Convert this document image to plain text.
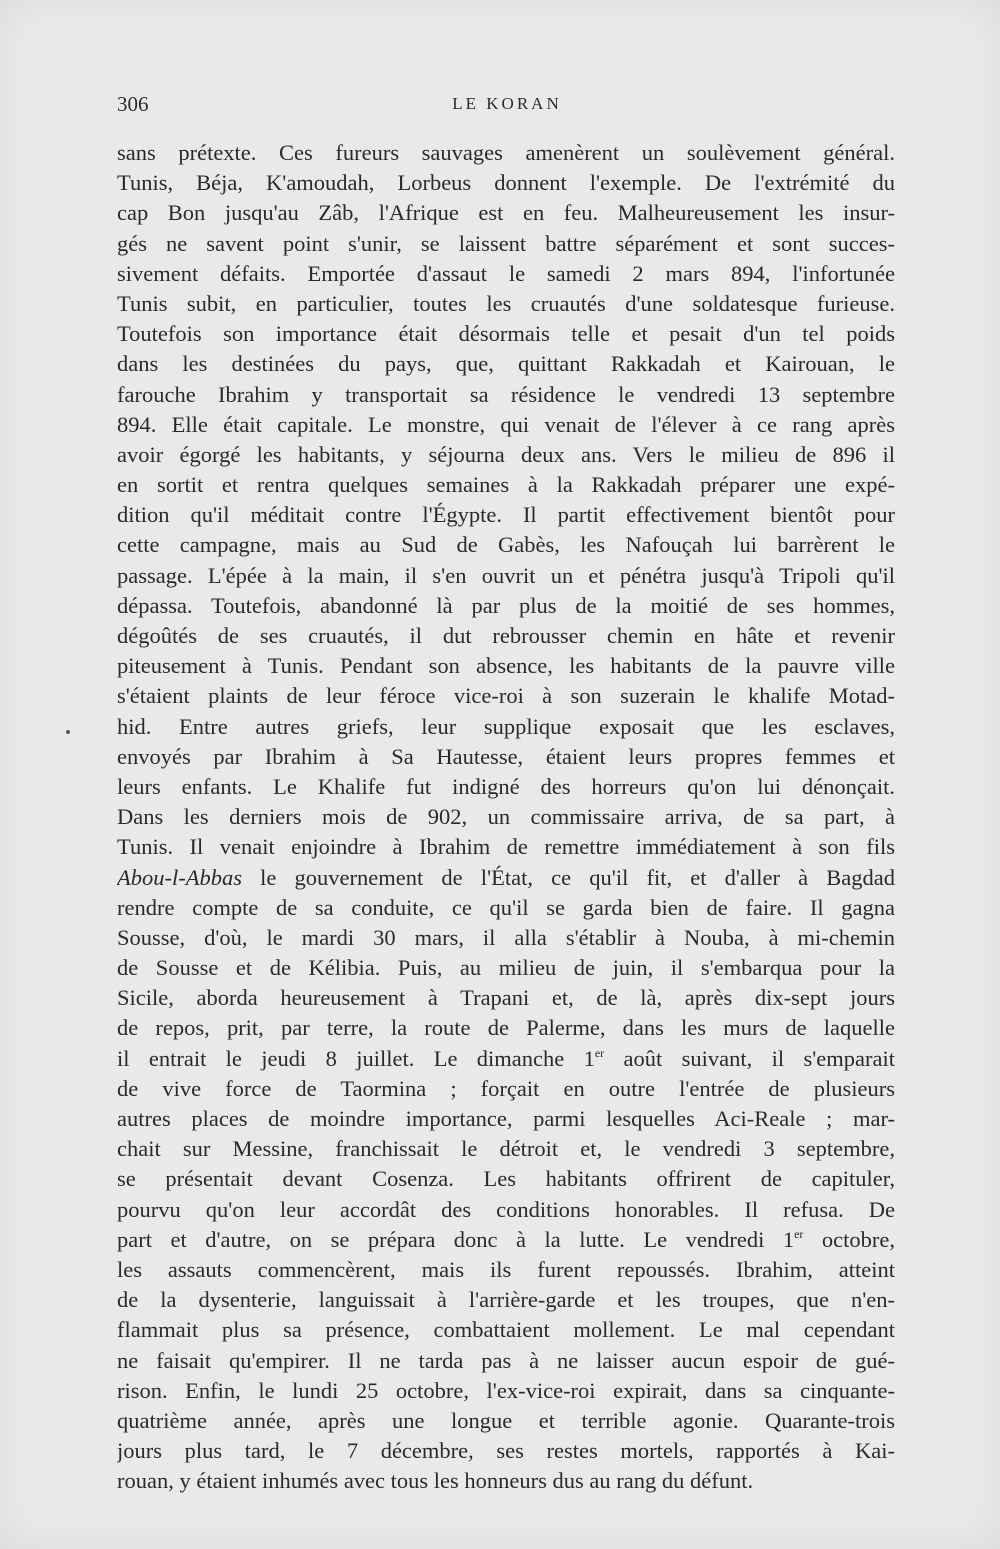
306	LE KORAN
sans prétexte. Ces fureurs sauvages amenèrent un soulèvement général.
Tunis, Béja, K'amoudah, Lorbeus donnent l'exemple. De l'extrémité du
cap Bon jusqu'au Zâb, l'Afrique est en feu. Malheureusement les insur-
gés ne savent point s'unir, se laissent battre séparément et sont succes-
sivement défaits. Emportée d'assaut le samedi 2 mars 894, l'infortunée
Tunis subit, en particulier, toutes les cruautés d'une soldatesque furieuse.
Toutefois son importance était désormais telle et pesait d'un tel poids
dans les destinées du pays, que, quittant Rakkadah et Kairouan, le
farouche Ibrahim y transportait sa résidence le vendredi 13 septembre
894. Elle était capitale. Le monstre, qui venait de l'élever à ce rang après
avoir égorgé les habitants, y séjourna deux ans. Vers le milieu de 896 il
en sortit et rentra quelques semaines à la Rakkadah préparer une expé-
dition qu'il méditait contre l'Égypte. Il partit effectivement bientôt pour
cette campagne, mais au Sud de Gabès, les Nafouçah lui barrèrent le
passage. L'épée à la main, il s'en ouvrit un et pénétra jusqu'à Tripoli qu'il
dépassa. Toutefois, abandonné là par plus de la moitié de ses hommes,
dégoûtés de ses cruautés, il dut rebrousser chemin en hâte et revenir
piteusement à Tunis. Pendant son absence, les habitants de la pauvre ville
s'étaient plaints de leur féroce vice-roi à son suzerain le khalife Motad-
hid. Entre autres griefs, leur supplique exposait que les esclaves,
envoyés par Ibrahim à Sa Hautesse, étaient leurs propres femmes et
leurs enfants. Le Khalife fut indigné des horreurs qu'on lui dénonçait.
Dans les derniers mois de 902, un commissaire arriva, de sa part, à
Tunis. Il venait enjoindre à Ibrahim de remettre immédiatement à son fils
Abou-l-Abbas le gouvernement de l'État, ce qu'il fit, et d'aller à Bagdad
rendre compte de sa conduite, ce qu'il se garda bien de faire. Il gagna
Sousse, d'où, le mardi 30 mars, il alla s'établir à Nouba, à mi-chemin
de Sousse et de Kélibia. Puis, au milieu de juin, il s'embarqua pour la
Sicile, aborda heureusement à Trapani et, de là, après dix-sept jours
de repos, prit, par terre, la route de Palerme, dans les murs de laquelle
il entrait le jeudi 8 juillet. Le dimanche 1er août suivant, il s'emparait
de vive force de Taormina ; forçait en outre l'entrée de plusieurs
autres places de moindre importance, parmi lesquelles Aci-Reale ; mar-
chait sur Messine, franchissait le détroit et, le vendredi 3 septembre,
se présentait devant Cosenza. Les habitants offrirent de capituler,
pourvu qu'on leur accordât des conditions honorables. Il refusa. De
part et d'autre, on se prépara donc à la lutte. Le vendredi 1er octobre,
les assauts commencèrent, mais ils furent repoussés. Ibrahim, atteint
de la dysenterie, languissait à l'arrière-garde et les troupes, que n'en-
flammait plus sa présence, combattaient mollement. Le mal cependant
ne faisait qu'empirer. Il ne tarda pas à ne laisser aucun espoir de gué-
rison. Enfin, le lundi 25 octobre, l'ex-vice-roi expirait, dans sa cinquante-
quatrième année, après une longue et terrible agonie. Quarante-trois
jours plus tard, le 7 décembre, ses restes mortels, rapportés à Kai-
rouan, y étaient inhumés avec tous les honneurs dus au rang du défunt.
